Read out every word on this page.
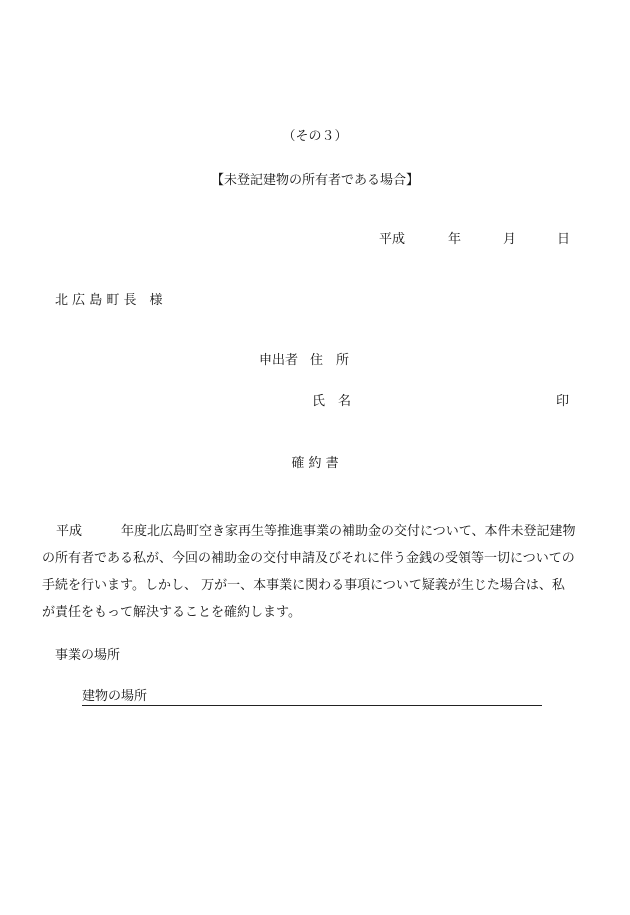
（その３）
【未登記建物の所有者である場合】
平成	年	月	日
北 広 島 町 長　様
申出者 住　所
氏　名	印
確 約 書

平成　　　年度北広島町空き家再生等推進事業の補助金の交付について、本件未登記建物

の所有者である私が、今回の補助金の交付申請及びそれに伴う金銭の受領等一切についての

手続を行います。しかし、 万が一、本事業に関わる事項について疑義が生じた場合は、私

が責任をもって解決することを確約します。

事業の場所
建物の場所
